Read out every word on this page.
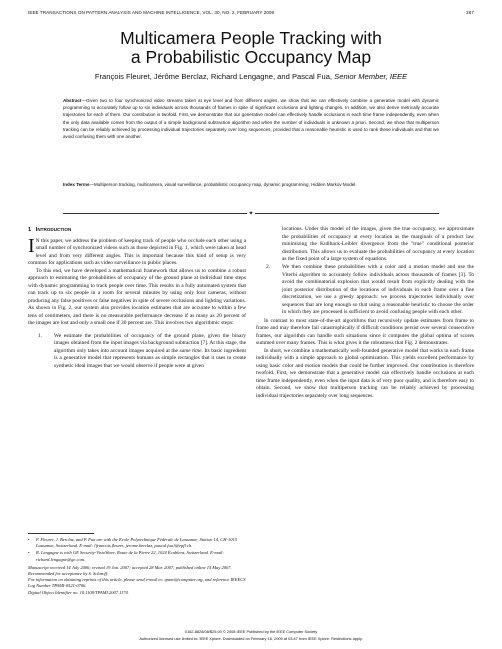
IEEE TRANSACTIONS ON PATTERN ANALYSIS AND MACHINE INTELLIGENCE, VOL. 30, NO. 2, FEBRUARY 2008	267
Multicamera People Tracking with
a Probabilistic Occupancy Map
François Fleuret, Jérôme Berclaz, Richard Lengagne, and Pascal Fua, Senior Member, IEEE
Abstract—Given two to four synchronized video streams taken at eye level and from different angles, we show that we can effectively combine a generative model with dynamic programming to accurately follow up to six individuals across thousands of frames in spite of significant occlusions and lighting changes. In addition, we also derive metrically accurate trajectories for each of them. Our contribution is twofold. First, we demonstrate that our generative model can effectively handle occlusions in each time frame independently, even when the only data available comes from the output of a simple background subtraction algorithm and when the number of individuals is unknown a priori. Second, we show that multiperson tracking can be reliably achieved by processing individual trajectories separately over long sequences, provided that a reasonable heuristic is used to rank these individuals and that we avoid confusing them with one another.
Index Terms—Multiperson tracking, multicamera, visual surveillance, probabilistic occupancy map, dynamic programming, Hidden Markov Model.
✦
1 INTRODUCTION
I N this paper, we address the problem of keeping track of people who occlude each other using a small number of synchronized videos such as those depicted in Fig. 1, which were taken at head level and from very different angles. This is important because this kind of setup is very common for applications such as video surveillance in public places.
To this end, we have developed a mathematical framework that allows us to combine a robust approach to estimating the probabilities of occupancy of the ground plane at individual time steps with dynamic programming to track people over time. This results in a fully automated system that can track up to six people in a room for several minutes by using only four cameras, without producing any false positives or false negatives in spite of severe occlusions and lighting variations. As shown in Fig. 2, our system also provides location estimates that are accurate to within a few tens of centimeters, and there is no measurable performance decrease if as many as 20 percent of the images are lost and only a small one if 30 percent are. This involves two algorithmic steps:
1. We estimate the probabilities of occupancy of the ground plane, given the binary images obtained from the input images via background subtraction [7]. At this stage, the algorithm only takes into account images acquired at the same time. Its basic ingredient is a generative model that represents humans as simple rectangles that it uses to create synthetic ideal images that we would observe if people were at given
• F. Fleuret, J. Berclaz, and P. Fua are with the Ecole Polytechnique Fédérale de Lausanne, Station 14, CH-1015 Lausanne, Switzerland. E-mail: {francois.fleuret, jerome.berclaz, pascal.fua}@epfl.ch.
• R. Lengagne is with GE Security-VisioWave, Route de la Pierre 22, 1024 Ecublens, Switzerland. E-mail: richard.lengagne@ge.com.
Manuscript received 14 July 2006; revised 19 Jan. 2007; accepted 28 Mar. 2007; published online 15 May 2007.
Recommended for acceptance by S. Sclaroff.
For information on obtaining reprints of this article, please send e-mail to: tpami@computer.org, and reference IEEECS Log Number TPAMI-0521-0706.
Digital Object Identifier no. 10.1109/TPAMI.2007.1174.
locations. Under this model of the images, given the true occupancy, we approximate the probabilities of occupancy at every location as the marginals of a product law minimizing the Kullback-Leibler divergence from the "true" conditional posterior distribution. This allows us to evaluate the probabilities of occupancy at every location as the fixed point of a large system of equations.
2. We then combine these probabilities with a color and a motion model and use the Viterbi algorithm to accurately follow individuals across thousands of frames [3]. To avoid the combinatorial explosion that would result from explicitly dealing with the joint posterior distribution of the locations of individuals in each frame over a fine discretization, we use a greedy approach: we process trajectories individually over sequences that are long enough so that using a reasonable heuristic to choose the order in which they are processed is sufficient to avoid confusing people with each other.
In contrast to most state-of-the-art algorithms that recursively update estimates from frame to frame and may therefore fail catastrophically if difficult conditions persist over several consecutive frames, our algorithm can handle such situations since it computes the global optima of scores summed over many frames. This is what gives it the robustness that Fig. 2 demonstrates.
In short, we combine a mathematically well-founded generative model that works in each frame individually with a simple approach to global optimization. This yields excellent performance by using basic color and motion models that could be further improved. Our contribution is therefore twofold. First, we demonstrate that a generative model can effectively handle occlusions at each time frame independently, even when the input data is of very poor quality, and is therefore easy to obtain. Second, we show that multiperson tracking can be reliably achieved by processing individual trajectories separately over long sequences.
0162-8828/08/$25.00 © 2008 IEEE Published by the IEEE Computer Society
Authorized licensed use limited to: IEEE Xplore. Downloaded on February 16, 2009 at 03:47 from IEEE Xplore. Restrictions apply.
